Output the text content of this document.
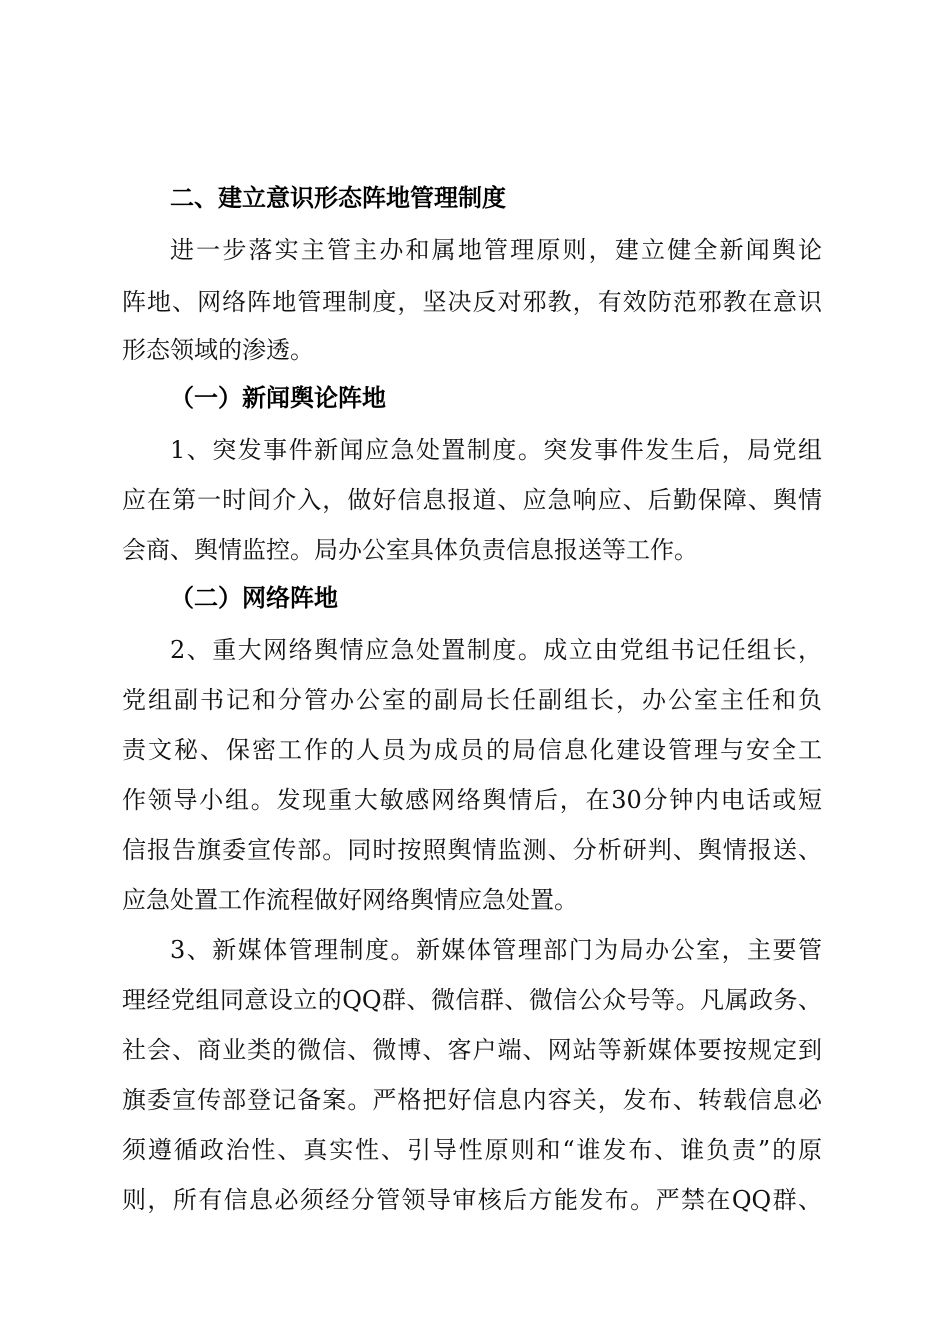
二、建立意识形态阵地管理制度
进一步落实主管主办和属地管理原则，建立健全新闻舆论
阵地、网络阵地管理制度，坚决反对邪教，有效防范邪教在意识
形态领域的渗透。
（一）新闻舆论阵地
1、突发事件新闻应急处置制度。突发事件发生后，局党组
应在第一时间介入，做好信息报道、应急响应、后勤保障、舆情
会商、舆情监控。局办公室具体负责信息报送等工作。
（二）网络阵地
2、重大网络舆情应急处置制度。成立由党组书记任组长，
党组副书记和分管办公室的副局长任副组长，办公室主任和负
责文秘、保密工作的人员为成员的局信息化建设管理与安全工
作领导小组。发现重大敏感网络舆情后，在30分钟内电话或短
信报告旗委宣传部。同时按照舆情监测、分析研判、舆情报送、
应急处置工作流程做好网络舆情应急处置。
3、新媒体管理制度。新媒体管理部门为局办公室，主要管
理经党组同意设立的QQ群、微信群、微信公众号等。凡属政务、
社会、商业类的微信、微博、客户端、网站等新媒体要按规定到
旗委宣传部登记备案。严格把好信息内容关，发布、转载信息必
须遵循政治性、真实性、引导性原则和“谁发布、谁负责”的原
则，所有信息必须经分管领导审核后方能发布。严禁在QQ群、
